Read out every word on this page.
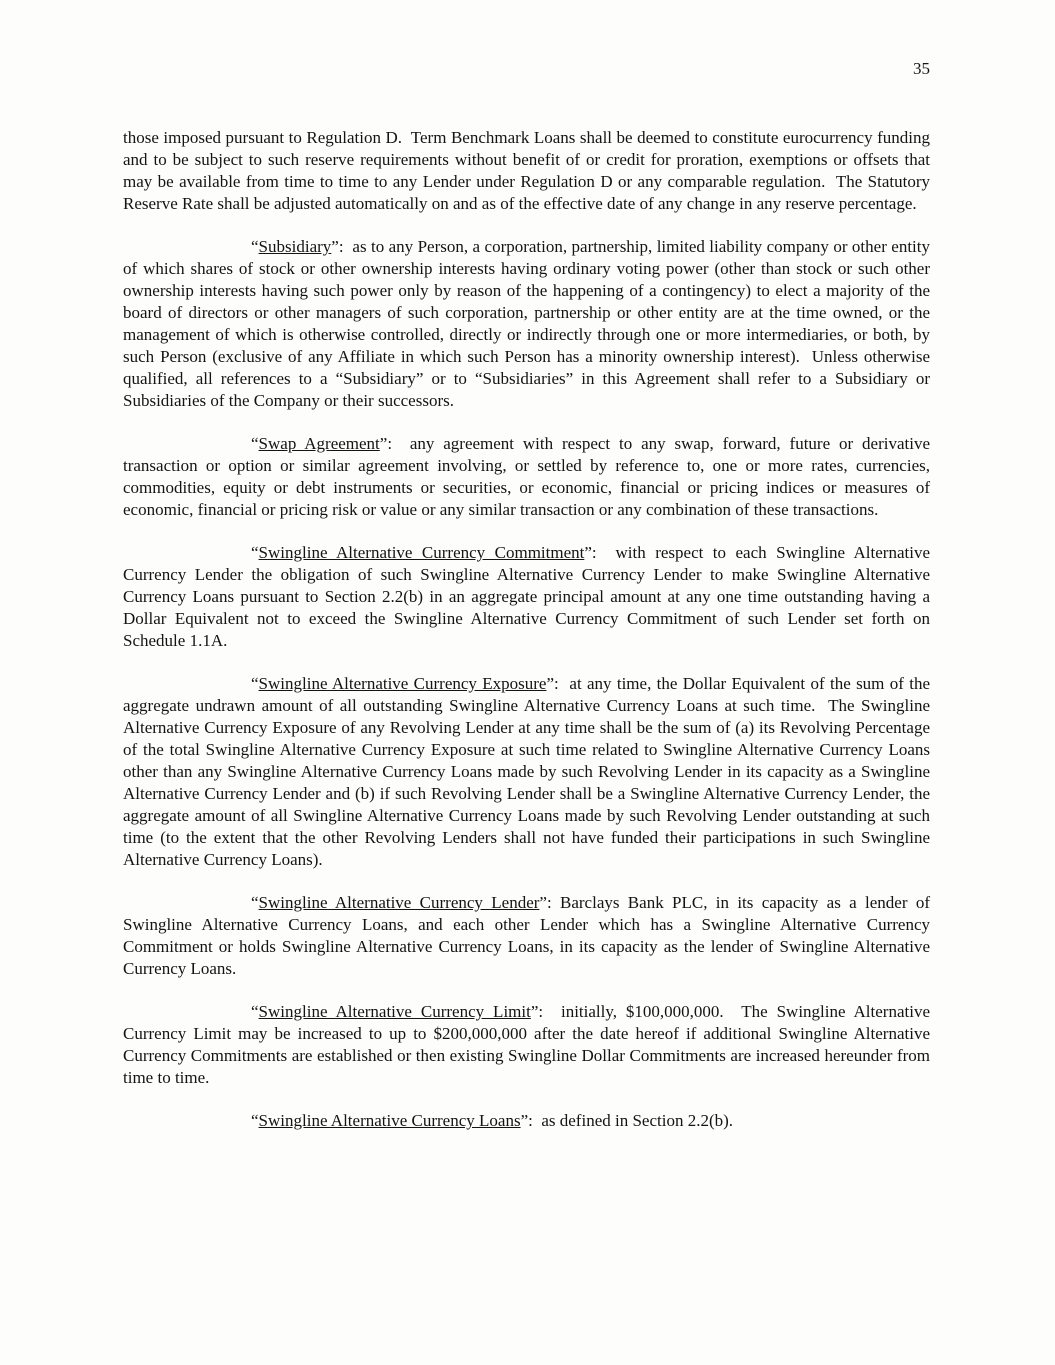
35

those imposed pursuant to Regulation D.  Term Benchmark Loans shall be deemed to constitute eurocurrency funding and to be subject to such reserve requirements without benefit of or credit for proration, exemptions or offsets that may be available from time to time to any Lender under Regulation D or any comparable regulation.  The Statutory Reserve Rate shall be adjusted automatically on and as of the effective date of any change in any reserve percentage.

“Subsidiary”:  as to any Person, a corporation, partnership, limited liability company or other entity of which shares of stock or other ownership interests having ordinary voting power (other than stock or such other ownership interests having such power only by reason of the happening of a contingency) to elect a majority of the board of directors or other managers of such corporation, partnership or other entity are at the time owned, or the management of which is otherwise controlled, directly or indirectly through one or more intermediaries, or both, by such Person (exclusive of any Affiliate in which such Person has a minority ownership interest).  Unless otherwise qualified, all references to a “Subsidiary” or to “Subsidiaries” in this Agreement shall refer to a Subsidiary or Subsidiaries of the Company or their successors.

“Swap Agreement”:  any agreement with respect to any swap, forward, future or derivative transaction or option or similar agreement involving, or settled by reference to, one or more rates, currencies, commodities, equity or debt instruments or securities, or economic, financial or pricing indices or measures of economic, financial or pricing risk or value or any similar transaction or any combination of these transactions.

“Swingline Alternative Currency Commitment”:  with respect to each Swingline Alternative Currency Lender the obligation of such Swingline Alternative Currency Lender to make Swingline Alternative Currency Loans pursuant to Section 2.2(b) in an aggregate principal amount at any one time outstanding having a Dollar Equivalent not to exceed the Swingline Alternative Currency Commitment of such Lender set forth on Schedule 1.1A.

“Swingline Alternative Currency Exposure”:  at any time, the Dollar Equivalent of the sum of the aggregate undrawn amount of all outstanding Swingline Alternative Currency Loans at such time.  The Swingline Alternative Currency Exposure of any Revolving Lender at any time shall be the sum of (a) its Revolving Percentage of the total Swingline Alternative Currency Exposure at such time related to Swingline Alternative Currency Loans other than any Swingline Alternative Currency Loans made by such Revolving Lender in its capacity as a Swingline Alternative Currency Lender and (b) if such Revolving Lender shall be a Swingline Alternative Currency Lender, the aggregate amount of all Swingline Alternative Currency Loans made by such Revolving Lender outstanding at such time (to the extent that the other Revolving Lenders shall not have funded their participations in such Swingline Alternative Currency Loans).

“Swingline Alternative Currency Lender”: Barclays Bank PLC, in its capacity as a lender of Swingline Alternative Currency Loans, and each other Lender which has a Swingline Alternative Currency Commitment or holds Swingline Alternative Currency Loans, in its capacity as the lender of Swingline Alternative Currency Loans.

“Swingline Alternative Currency Limit”:  initially, $100,000,000.  The Swingline Alternative Currency Limit may be increased to up to $200,000,000 after the date hereof if additional Swingline Alternative Currency Commitments are established or then existing Swingline Dollar Commitments are increased hereunder from time to time.

“Swingline Alternative Currency Loans”:  as defined in Section 2.2(b).
